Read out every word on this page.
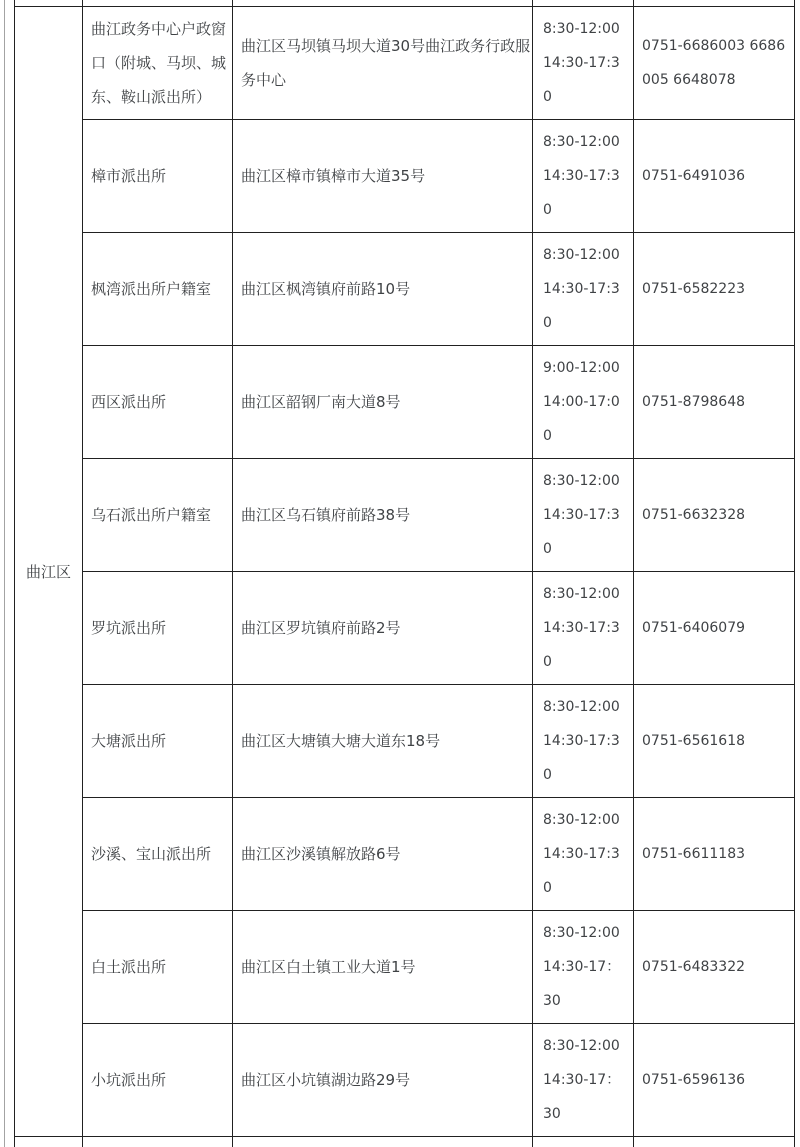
曲江区	曲江政务中心户政窗
口（附城、马坝、城
东、鞍山派出所）	曲江区马坝镇马坝大道30号曲江政务行政服
务中心	8:30-12:00
14:30-17:3
0	0751-6686003 6686
005 6648078

	樟市派出所	曲江区樟市镇樟市大道35号	8:30-12:00
14:30-17:3
0	0751-6491036

	枫湾派出所户籍室	曲江区枫湾镇府前路10号	8:30-12:00
14:30-17:3
0	0751-6582223

	西区派出所	曲江区韶钢厂南大道8号	9:00-12:00
14:00-17:0
0	0751-8798648

	乌石派出所户籍室	曲江区乌石镇府前路38号	8:30-12:00
14:30-17:3
0	0751-6632328

	罗坑派出所	曲江区罗坑镇府前路2号	8:30-12:00
14:30-17:3
0	0751-6406079

	大塘派出所	曲江区大塘镇大塘大道东18号	8:30-12:00
14:30-17:3
0	0751-6561618

	沙溪、宝山派出所	曲江区沙溪镇解放路6号	8:30-12:00
14:30-17:3
0	0751-6611183

	白土派出所	曲江区白土镇工业大道1号	8:30-12:00
14:30-17：
30	0751-6483322

	小坑派出所	曲江区小坑镇湖边路29号	8:30-12:00
14:30-17：
30	0751-6596136
